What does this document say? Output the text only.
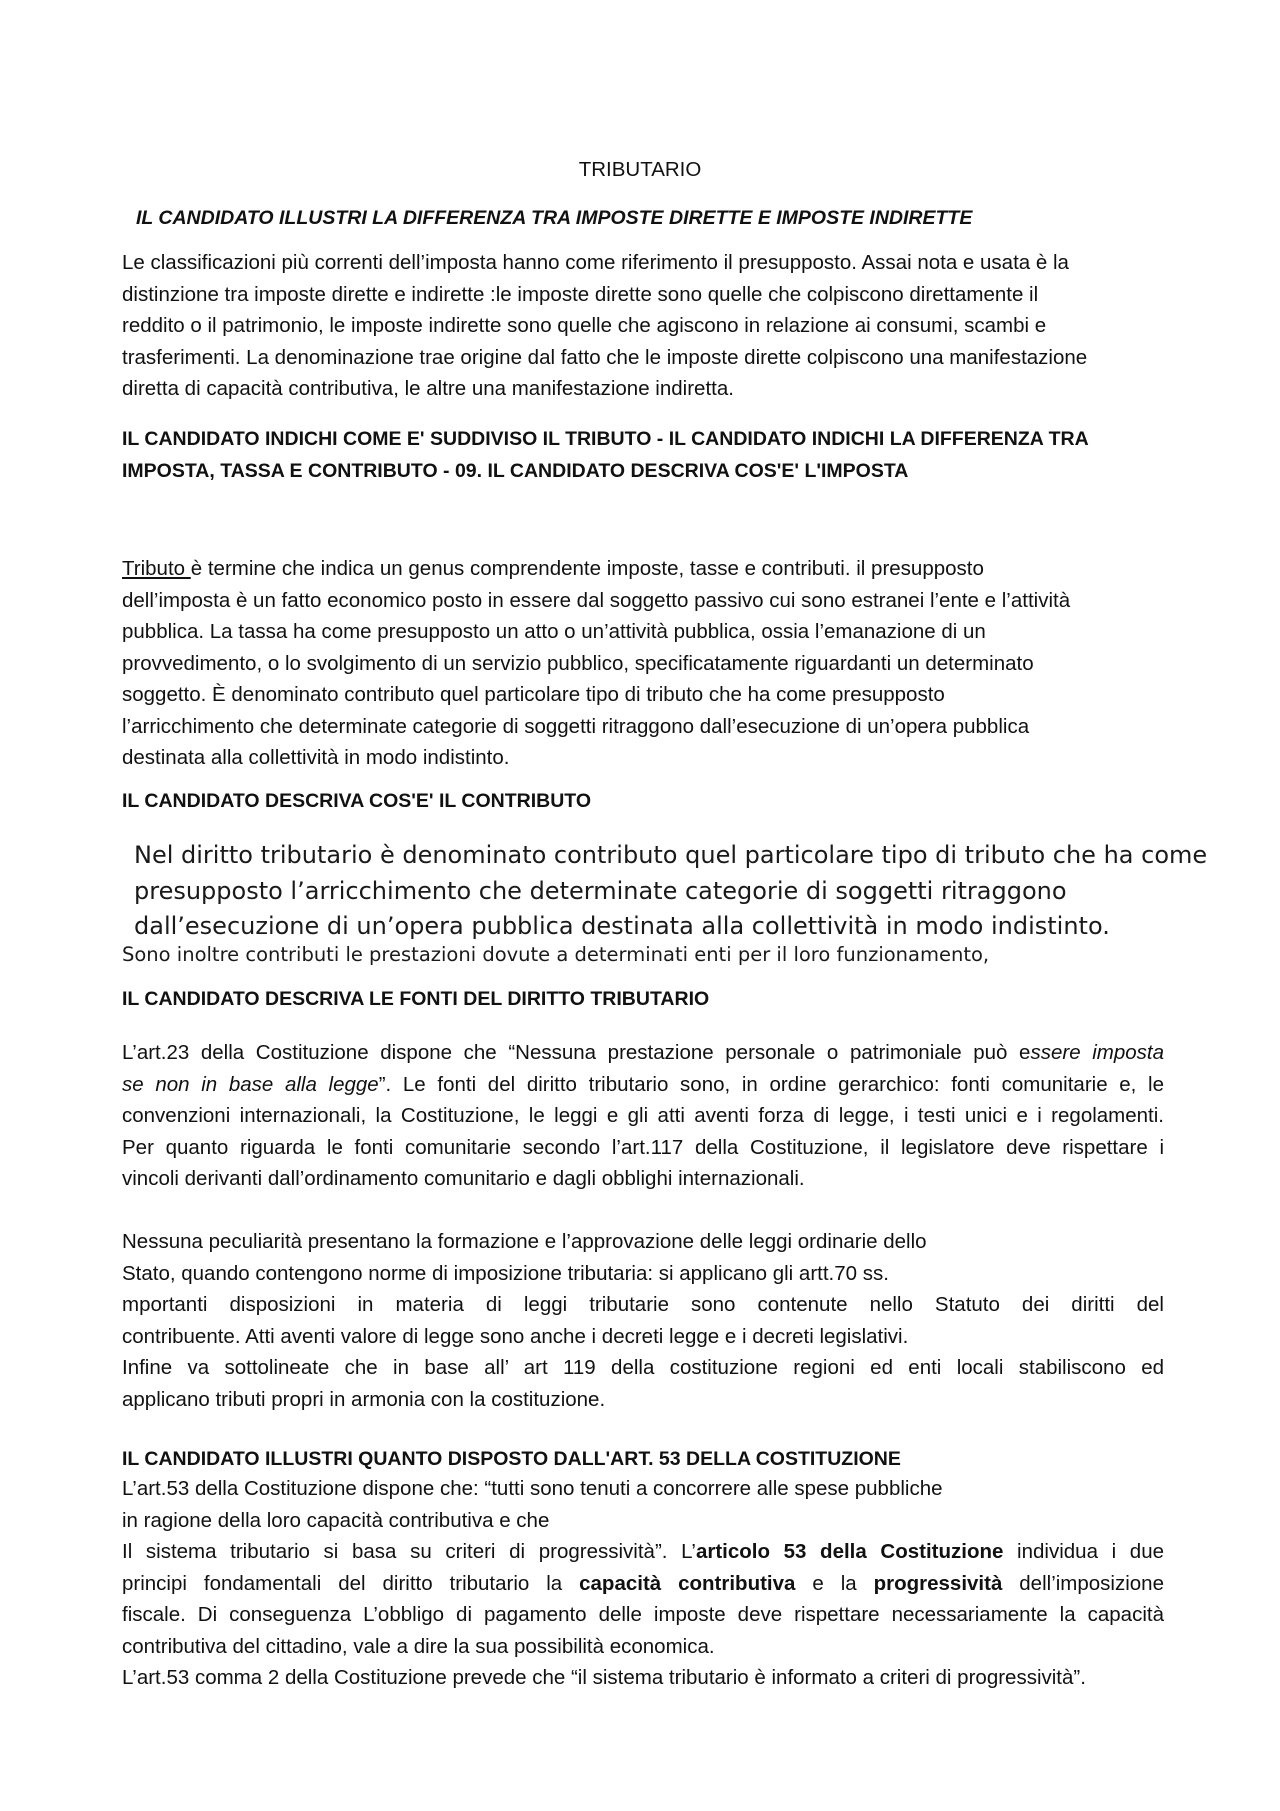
TRIBUTARIO
IL CANDIDATO ILLUSTRI LA DIFFERENZA TRA IMPOSTE DIRETTE E IMPOSTE INDIRETTE
Le classificazioni più correnti dell’imposta hanno come riferimento il presupposto. Assai nota e usata è la
distinzione tra imposte dirette e indirette :le imposte dirette sono quelle che colpiscono direttamente il
reddito o il patrimonio, le imposte indirette sono quelle che agiscono in relazione ai consumi, scambi e
trasferimenti. La denominazione trae origine dal fatto che le imposte dirette colpiscono una manifestazione
diretta di capacità contributiva, le altre una manifestazione indiretta.
IL CANDIDATO INDICHI COME E' SUDDIVISO IL TRIBUTO - IL CANDIDATO INDICHI LA DIFFERENZA TRA
IMPOSTA, TASSA E CONTRIBUTO - 09. IL CANDIDATO DESCRIVA COS'E' L'IMPOSTA
Tributo è termine che indica un genus comprendente imposte, tasse e contributi. il presupposto
dell’imposta è un fatto economico posto in essere dal soggetto passivo cui sono estranei l’ente e l’attività
pubblica. La tassa ha come presupposto un atto o un’attività pubblica, ossia l’emanazione di un
provvedimento, o lo svolgimento di un servizio pubblico, specificatamente riguardanti un determinato
soggetto. È denominato contributo quel particolare tipo di tributo che ha come presupposto
l’arricchimento che determinate categorie di soggetti ritraggono dall’esecuzione di un’opera pubblica
destinata alla collettività in modo indistinto.
IL CANDIDATO DESCRIVA COS'E' IL CONTRIBUTO
Nel diritto tributario è denominato contributo quel particolare tipo di tributo che ha come
presupposto l’arricchimento che determinate categorie di soggetti ritraggono
dall’esecuzione di un’opera pubblica destinata alla collettività in modo indistinto.
Sono inoltre contributi le prestazioni dovute a determinati enti per il loro funzionamento,
IL CANDIDATO DESCRIVA LE FONTI DEL DIRITTO TRIBUTARIO
L’art.23 della Costituzione dispone che “Nessuna prestazione personale o patrimoniale può essere imposta
se non in base alla legge”. Le fonti del diritto tributario sono, in ordine gerarchico: fonti comunitarie e, le
convenzioni internazionali, la Costituzione, le leggi e gli atti aventi forza di legge, i testi unici e i regolamenti.
Per quanto riguarda le fonti comunitarie secondo l’art.117 della Costituzione, il legislatore deve rispettare i
vincoli derivanti dall’ordinamento comunitario e dagli obblighi internazionali.
Nessuna peculiarità presentano la formazione e l’approvazione delle leggi ordinarie dello
Stato, quando contengono norme di imposizione tributaria: si applicano gli artt.70 ss.
mportanti disposizioni in materia di leggi tributarie sono contenute nello Statuto dei diritti del
contribuente. Atti aventi valore di legge sono anche i decreti legge e i decreti legislativi.
Infine va sottolineate che in base all’ art 119 della costituzione regioni ed enti locali stabiliscono ed
applicano tributi propri in armonia con la costituzione.
IL CANDIDATO ILLUSTRI QUANTO DISPOSTO DALL'ART. 53 DELLA COSTITUZIONE
L’art.53 della Costituzione dispone che: “tutti sono tenuti a concorrere alle spese pubbliche
in ragione della loro capacità contributiva e che
Il sistema tributario si basa su criteri di progressività”. L’articolo 53 della Costituzione individua i due
principi fondamentali del diritto tributario la capacità contributiva e la progressività dell’imposizione
fiscale. Di conseguenza L’obbligo di pagamento delle imposte deve rispettare necessariamente la capacità
contributiva del cittadino, vale a dire la sua possibilità economica.
L’art.53 comma 2 della Costituzione prevede che “il sistema tributario è informato a criteri di progressività”.
